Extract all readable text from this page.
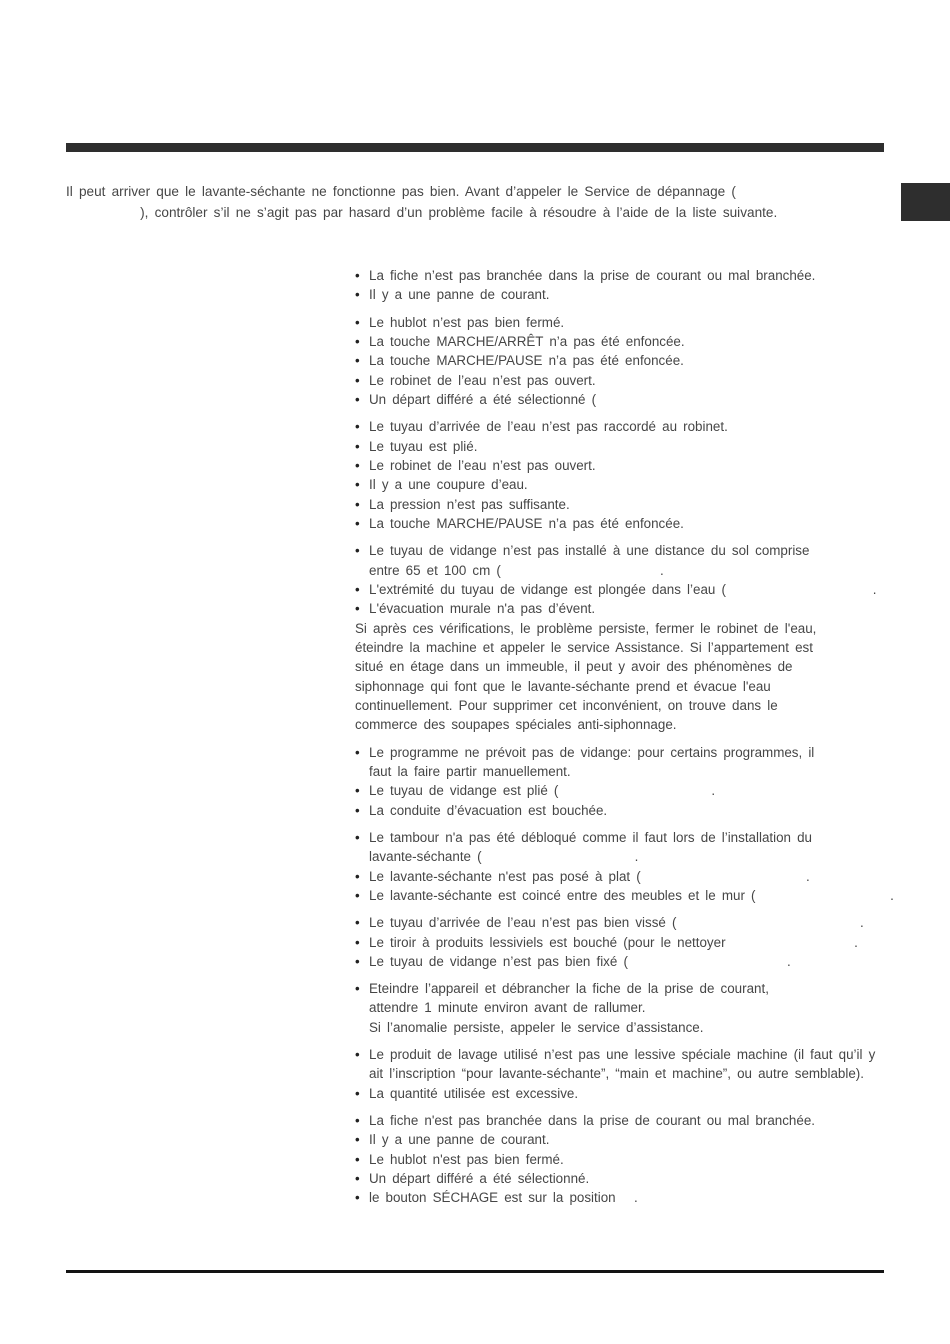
Il peut arriver que le lavante-séchante ne fonctionne pas bien. Avant d’appeler le Service de dépannage (
), contrôler s’il ne s’agit pas par hasard d’un problème facile à résoudre à l’aide de la liste suivante.
• La fiche n’est pas branchée dans la prise de courant ou mal branchée.
• Il y a une panne de courant.
• Le hublot n’est pas bien fermé.
• La touche MARCHE/ARRÊT n’a pas été enfoncée.
• La touche MARCHE/PAUSE n’a pas été enfoncée.
• Le robinet de l’eau n’est pas ouvert.
• Un départ différé a été sélectionné (
• Le tuyau d’arrivée de l’eau n’est pas raccordé au robinet.
• Le tuyau est plié.
• Le robinet de l’eau n’est pas ouvert.
• Il y a une coupure d’eau.
• La pression n’est pas suffisante.
• La touche MARCHE/PAUSE n’a pas été enfoncée.
• Le tuyau de vidange n’est pas installé à une distance du sol comprise
entre 65 et 100 cm (                          .
• L'extrémité du tuyau de vidange est plongée dans l’eau (                        .
• L'évacuation murale n'a pas d’évent.
Si après ces vérifications, le problème persiste, fermer le robinet de l'eau,
éteindre la machine et appeler le service Assistance. Si l’appartement est
situé en étage dans un immeuble, il peut y avoir des phénomènes de
siphonnage qui font que le lavante-séchante prend et évacue l'eau
continuellement. Pour supprimer cet inconvénient, on trouve dans le
commerce des soupapes spéciales anti-siphonnage.
• Le programme ne prévoit pas de vidange: pour certains programmes, il
faut la faire partir manuellement.
• Le tuyau de vidange est plié (                         .
• La conduite d’évacuation est bouchée.
• Le tambour n'a pas été débloqué comme il faut lors de l’installation du
lavante-séchante (                         .
• Le lavante-séchante n'est pas posé à plat (                           .
• Le lavante-séchante est coincé entre des meubles et le mur (                      .
• Le tuyau d’arrivée de l’eau n’est pas bien vissé (                              .
• Le tiroir à produits lessiviels est bouché (pour le nettoyer                     .
• Le tuyau de vidange n’est pas bien fixé (                          .
• Eteindre l’appareil et débrancher la fiche de la prise de courant,
attendre 1 minute environ avant de rallumer.
Si l’anomalie persiste, appeler le service d’assistance.
• Le produit de lavage utilisé n’est pas une lessive spéciale machine (il faut qu’il y
ait l’inscription “pour lavante-séchante”, “main et machine”, ou autre semblable).
• La quantité utilisée est excessive.
• La fiche n'est pas branchée dans la prise de courant ou mal branchée.
• Il y a une panne de courant.
• Le hublot n'est pas bien fermé.
• Un départ différé a été sélectionné.
• le bouton SÉCHAGE est sur la position   .
